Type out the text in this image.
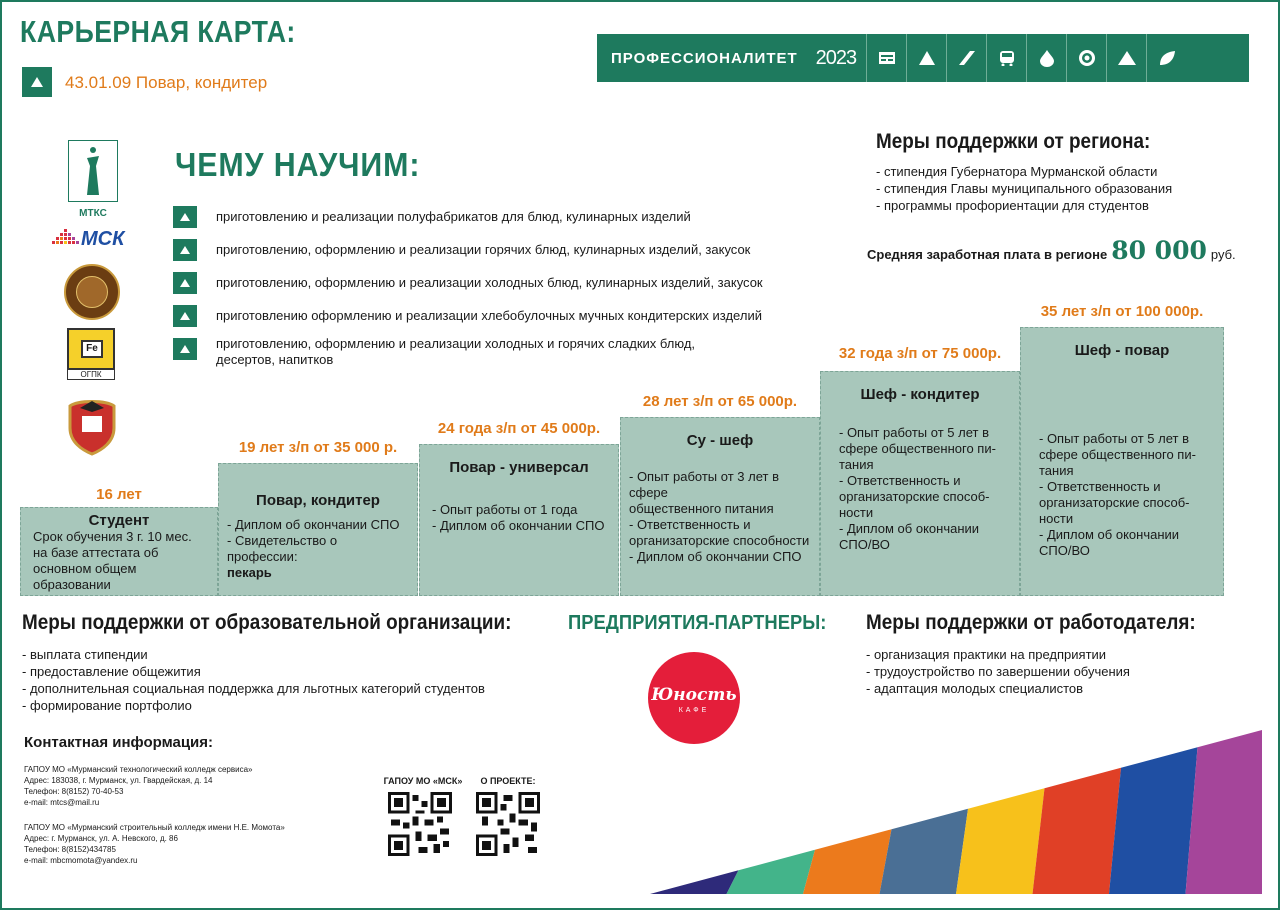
КАРЬЕРНАЯ КАРТА:
43.01.09 Повар, кондитер
ПРОФЕССИОНАЛИТЕТ 2023
МТКС
МСК
Fe
ОГПК
ЧЕМУ НАУЧИМ:
приготовлению и реализации полуфабрикатов для блюд, кулинарных изделий
приготовлению, оформлению и реализации горячих блюд, кулинарных изделий, закусок
приготовлению, оформлению и реализации холодных блюд, кулинарных изделий, закусок
приготовлению оформлению и реализации хлебобулочных мучных кондитерских изделий
приготовлению, оформлению и реализации холодных и горячих сладких блюд, десертов, напитков
Меры поддержки от региона:
- стипендия Губернатора Мурманской области
- стипендия Главы муниципального образования
- программы профориентации для студентов
Средняя заработная плата в регионе 80 000 руб.
16 лет
Студент
Срок обучения 3 г. 10 мес.
на базе аттестата об
основном общем
образовании
19 лет з/п от 35 000 р.
Повар, кондитер
- Диплом об окончании СПО
- Свидетельство о профессии:
пекарь
24 года з/п от 45 000р.
Повар - универсал
- Опыт работы от 1 года
- Диплом об окончании СПО
28 лет з/п от 65 000р.
Су - шеф
- Опыт работы от 3 лет в сфере
общественного питания
- Ответственность и
организаторские способности
- Диплом об окончании СПО
32 года з/п от 75 000р.
Шеф - кондитер
- Опыт работы от 5 лет в
сфере общественного пи-
тания
- Ответственность и
организаторские способ-
ности
- Диплом об окончании
СПО/ВО
35 лет з/п от 100 000р.
Шеф - повар
- Опыт работы от 5 лет в
сфере общественного пи-
тания
- Ответственность и
организаторские способ-
ности
- Диплом об окончании
СПО/ВО
Меры поддержки от образовательной организации:
- выплата стипендии
- предоставление общежития
- дополнительная социальная поддержка для льготных категорий студентов
- формирование портфолио
ПРЕДПРИЯТИЯ-ПАРТНЕРЫ:
Юность
КАФЕ
Меры поддержки от работодателя:
- организация практики на предприятии
- трудоустройство по завершении обучения
- адаптация молодых специалистов
Контактная информация:
ГАПОУ МО «Мурманский технологический колледж сервиса»
Адрес: 183038, г. Мурманск, ул. Гвардейская, д. 14
Телефон: 8(8152) 70-40-53
e-mail: mtcs@mail.ru
ГАПОУ МО «Мурманский строительный колледж имени Н.Е. Момота»
Адрес: г. Мурманск, ул. А. Невского, д. 86
Телефон: 8(8152)434785
e-mail: mbcmomota@yandex.ru
ГАПОУ МО «МСК»	О ПРОЕКТЕ:
